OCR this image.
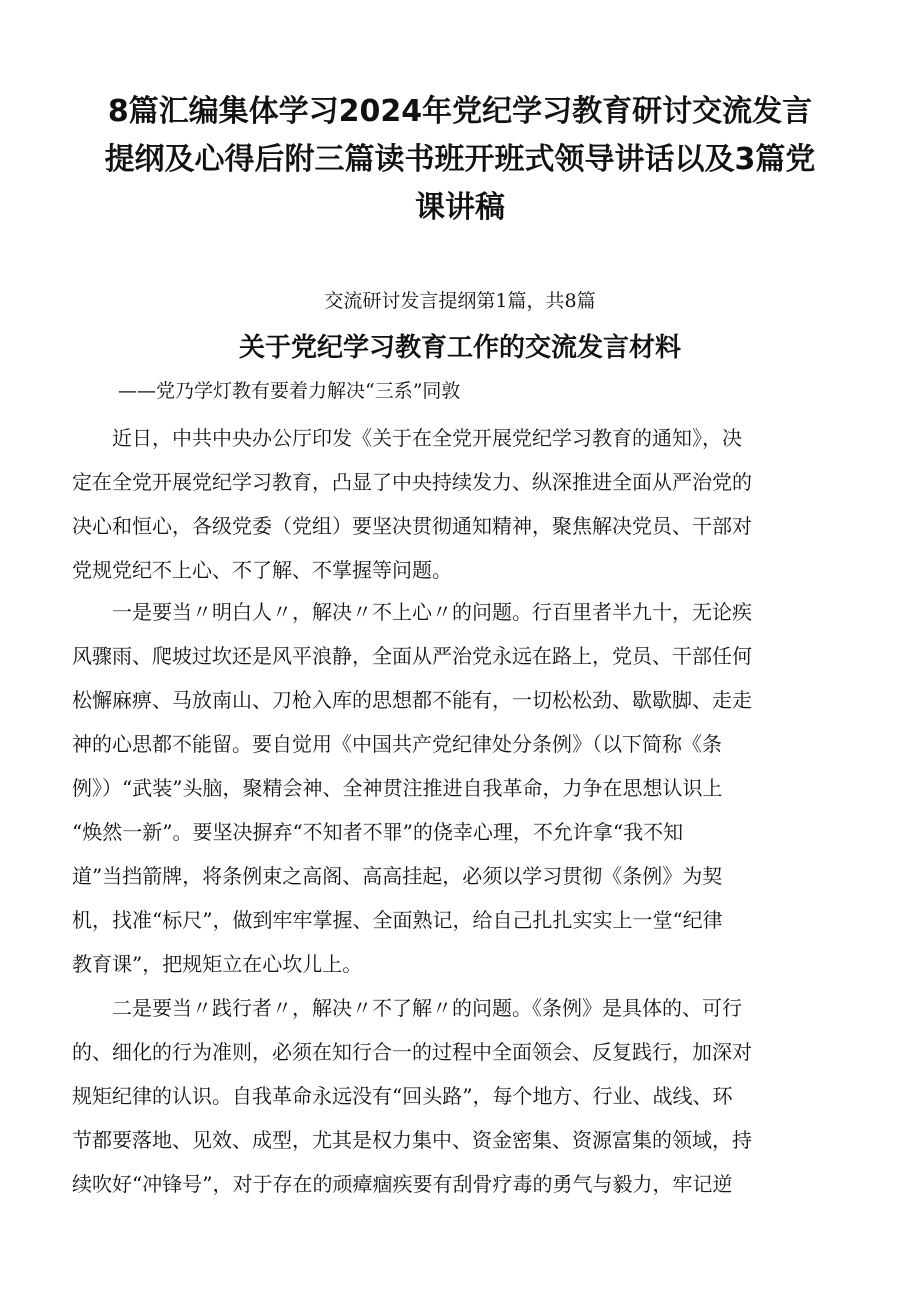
8篇汇编集体学习2024年党纪学习教育研讨交流发言
提纲及心得后附三篇读书班开班式领导讲话以及3篇党
课讲稿

交流研讨发言提纲第1篇，共8篇

关于党纪学习教育工作的交流发言材料

——党乃学灯教有要着力解决“三系”同敦

　　近日，中共中央办公厅印发《关于在全党开展党纪学习教育的通知》，决
定在全党开展党纪学习教育，凸显了中央持续发力、纵深推进全面从严治党的
决心和恒心，各级党委（党组）要坚决贯彻通知精神，聚焦解决党员、干部对
党规党纪不上心、不了解、不掌握等问题。
　　一是要当〃明白人〃，解决〃不上心〃的问题。行百里者半九十，无论疾
风骤雨、爬坡过坎还是风平浪静，全面从严治党永远在路上，党员、干部任何
松懈麻痹、马放南山、刀枪入库的思想都不能有，一切松松劲、歇歇脚、走走
神的心思都不能留。要自觉用《中国共产党纪律处分条例》（以下简称《条
例》）“武装”头脑，聚精会神、全神贯注推进自我革命，力争在思想认识上
“焕然一新”。要坚决摒弃“不知者不罪”的侥幸心理，不允许拿“我不知
道”当挡箭牌，将条例束之高阁、高高挂起，必须以学习贯彻《条例》为契
机，找准“标尺”，做到牢牢掌握、全面熟记，给自己扎扎实实上一堂“纪律
教育课”，把规矩立在心坎儿上。
　　二是要当〃践行者〃，解决〃不了解〃的问题。《条例》是具体的、可行
的、细化的行为准则，必须在知行合一的过程中全面领会、反复践行，加深对
规矩纪律的认识。自我革命永远没有“回头路”，每个地方、行业、战线、环
节都要落地、见效、成型，尤其是权力集中、资金密集、资源富集的领域，持
续吹好“冲锋号”，对于存在的顽瘴痼疾要有刮骨疗毒的勇气与毅力，牢记逆
